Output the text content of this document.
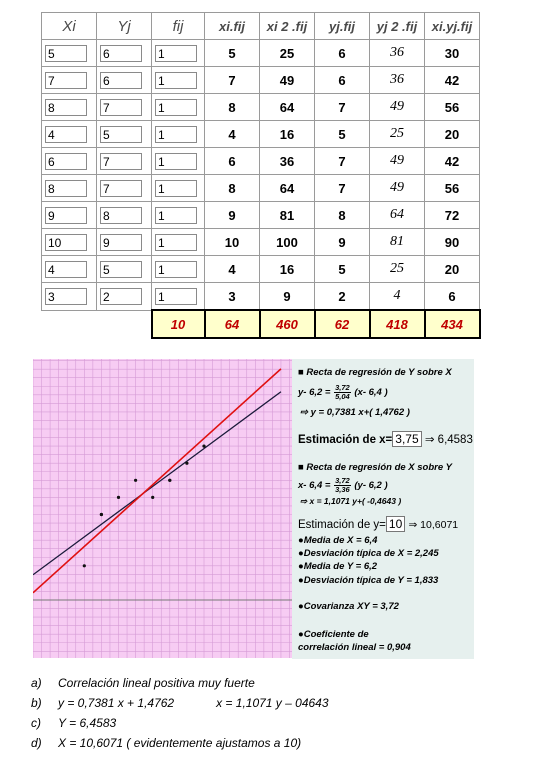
Xi	Yj	fij	xi.fij	xi 2 .fij	yj.fij	yj 2 .fij	xi.yj.fij
5	6	1	5	25	6	36	30
7	6	1	7	49	6	36	42
8	7	1	8	64	7	49	56
4	5	1	4	16	5	25	20
6	7	1	6	36	7	49	42
8	7	1	8	64	7	49	56
9	8	1	9	81	8	64	72
10	9	1	10	100	9	81	90
4	5	1	4	16	5	25	20
3	2	1	3	9	2	4	6
		10	64	460	62	418	434
■ Recta de regresión de Y sobre X
y- $6,2 = \frac{3,72}{5,04} (x-$ 6,4 )
⇨ y = 0,7381 x+( 1,4762 )
Estimación de x= 3,75 ⇒ 6,4583
■ Recta de regresión de X sobre Y
x- $6,4 = \frac{3,72}{3,36} (y-$ 6,2 )
⇨ x = 1,1071 y+( -0,4643 )
Estimación de y= 10 ⇒ 10,6071
●Media de X = 6,4
●Desviación típica de X = 2,245
●Media de Y = 6,2
●Desviación típica de Y = 1,833
●Covarianza XY = 3,72
●Coeficiente de
correlación lineal = 0,904
a) Correlación lineal positiva muy fuerte
b) y = 0,7381 x + 1,4762	x = 1,1071 y – 04643
c) Y = 6,4583
d) X = 10,6071 ( evidentemente ajustamos a 10)
